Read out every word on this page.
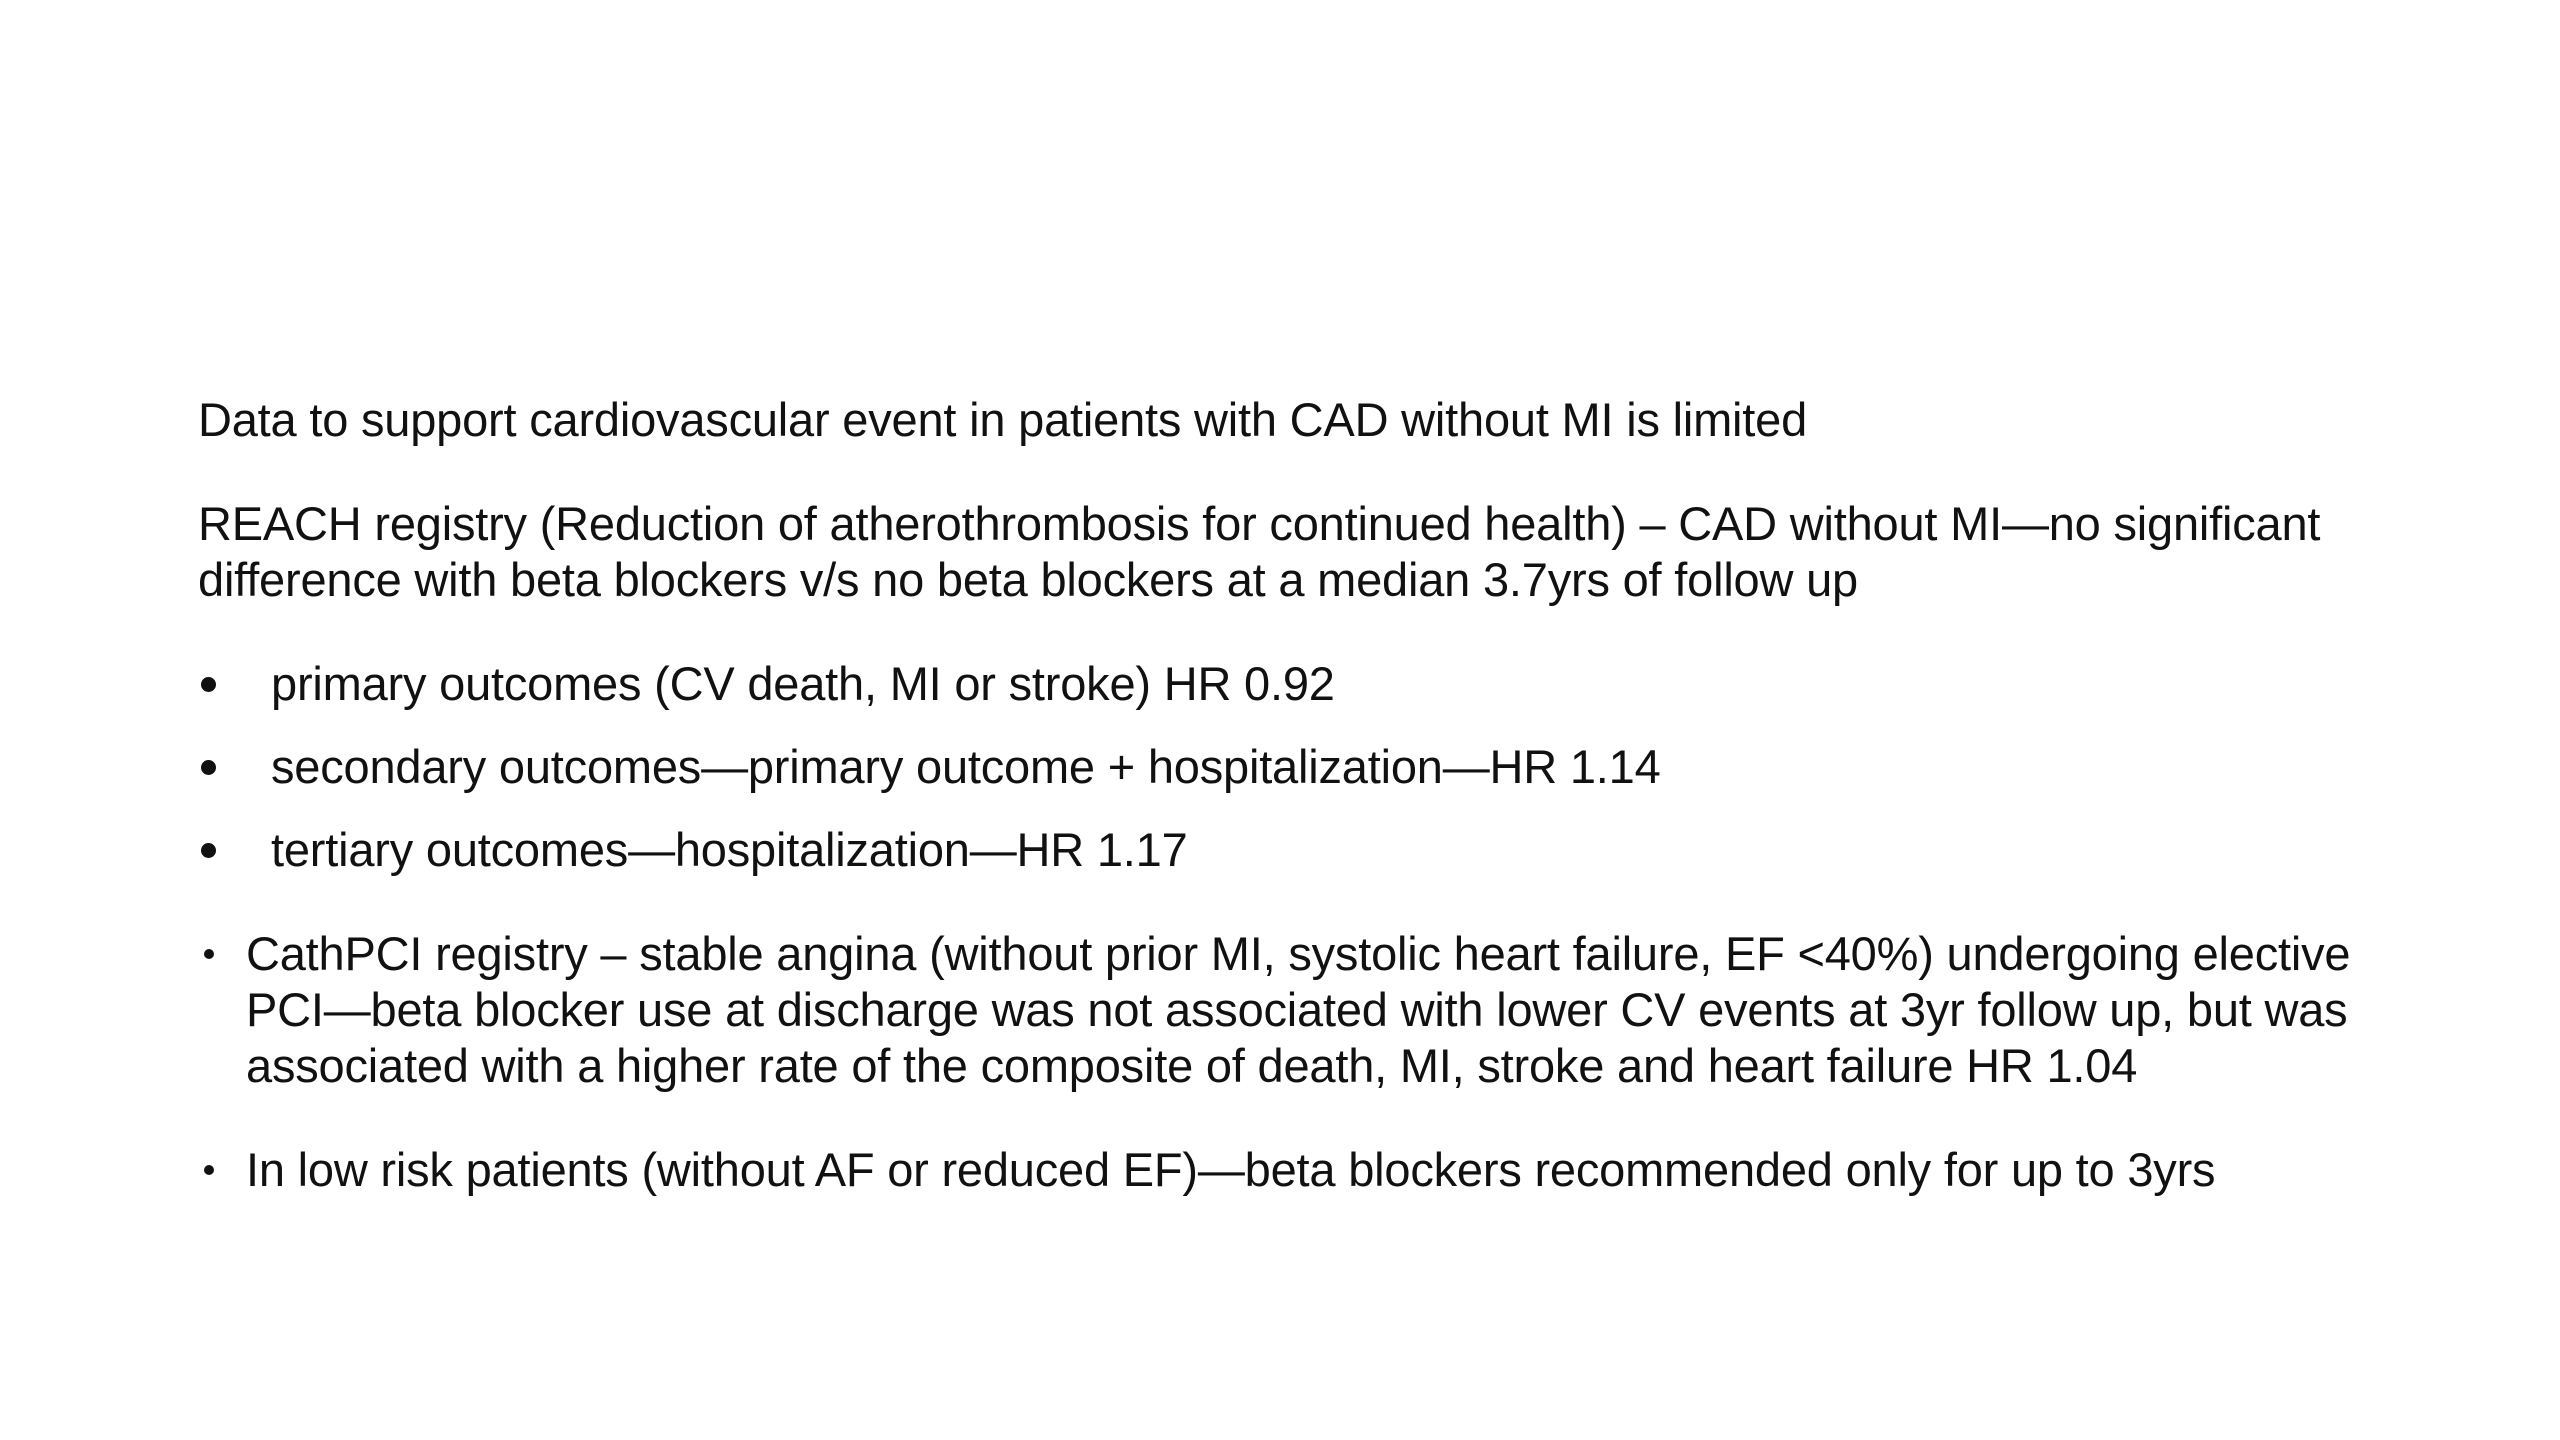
Data to support cardiovascular event in patients with CAD without MI is limited

REACH registry (Reduction of atherothrombosis for continued health) – CAD without MI—no significant difference with beta blockers v/s no beta blockers at a median 3.7yrs of follow up

primary outcomes (CV death, MI or stroke) HR 0.92
secondary outcomes—primary outcome + hospitalization—HR 1.14
tertiary outcomes—hospitalization—HR 1.17
CathPCI registry – stable angina (without prior MI, systolic heart failure, EF <40%) undergoing elective PCI—beta blocker use at discharge was not associated with lower CV events at 3yr follow up, but was associated with a higher rate of the composite of death, MI, stroke and heart failure HR 1.04
In low risk patients (without AF or reduced EF)—beta blockers recommended only for up to 3yrs
